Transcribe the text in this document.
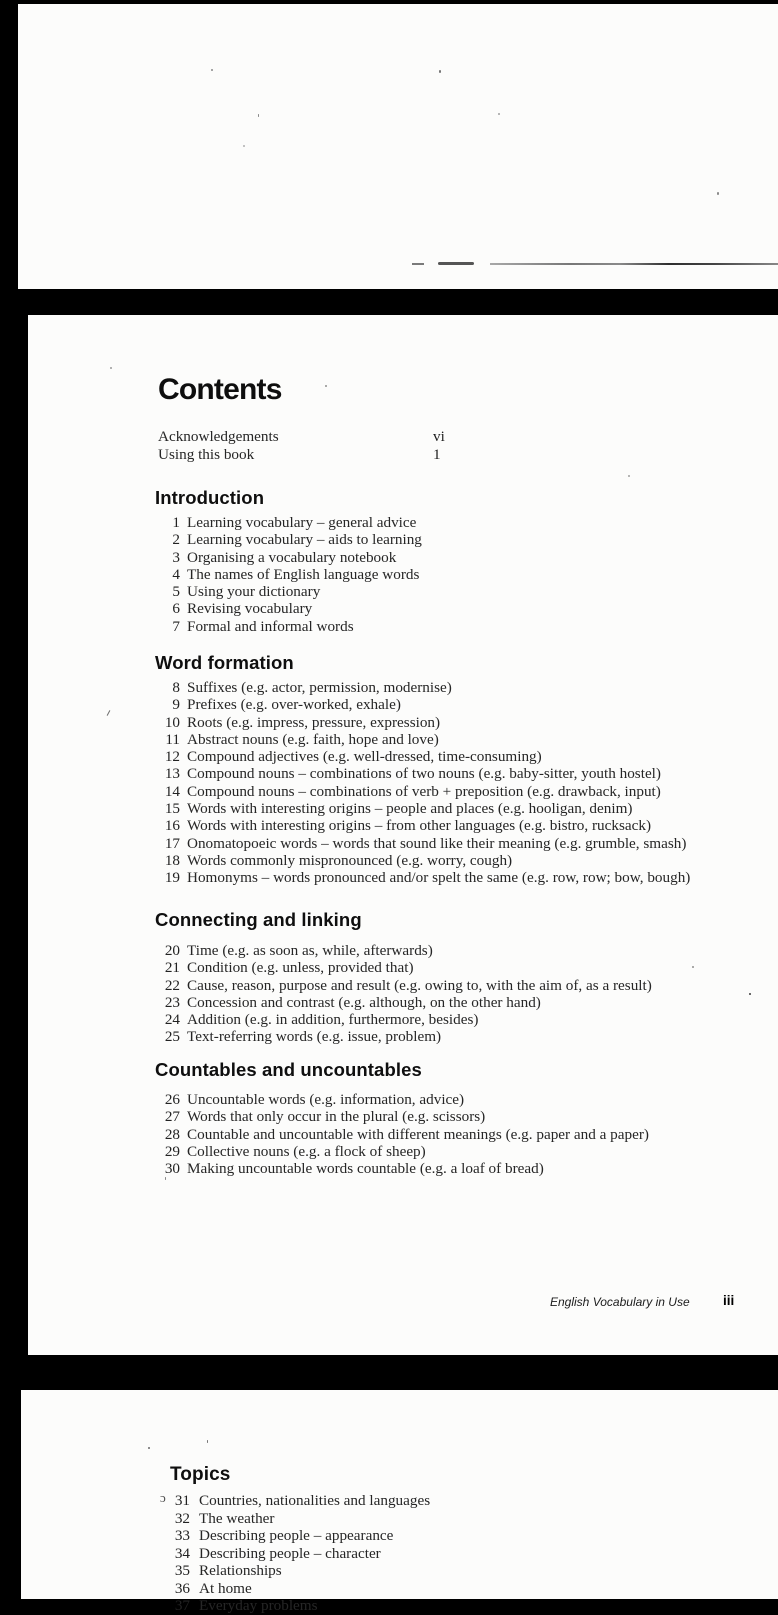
Contents
Acknowledgements	vi
Using this book	1
Introduction
1 Learning vocabulary – general advice
2 Learning vocabulary – aids to learning
3 Organising a vocabulary notebook
4 The names of English language words
5 Using your dictionary
6 Revising vocabulary
7 Formal and informal words
Word formation
8 Suffixes (e.g. actor, permission, modernise)
9 Prefixes (e.g. over-worked, exhale)
10 Roots (e.g. impress, pressure, expression)
11 Abstract nouns (e.g. faith, hope and love)
12 Compound adjectives (e.g. well-dressed, time-consuming)
13 Compound nouns – combinations of two nouns (e.g. baby-sitter, youth hostel)
14 Compound nouns – combinations of verb + preposition (e.g. drawback, input)
15 Words with interesting origins – people and places (e.g. hooligan, denim)
16 Words with interesting origins – from other languages (e.g. bistro, rucksack)
17 Onomatopoeic words – words that sound like their meaning (e.g. grumble, smash)
18 Words commonly mispronounced (e.g. worry, cough)
19 Homonyms – words pronounced and/or spelt the same (e.g. row, row; bow, bough)
Connecting and linking
20 Time (e.g. as soon as, while, afterwards)
21 Condition (e.g. unless, provided that)
22 Cause, reason, purpose and result (e.g. owing to, with the aim of, as a result)
23 Concession and contrast (e.g. although, on the other hand)
24 Addition (e.g. in addition, furthermore, besides)
25 Text-referring words (e.g. issue, problem)
Countables and uncountables
26 Uncountable words (e.g. information, advice)
27 Words that only occur in the plural (e.g. scissors)
28 Countable and uncountable with different meanings (e.g. paper and a paper)
29 Collective nouns (e.g. a flock of sheep)
30 Making uncountable words countable (e.g. a loaf of bread)
English Vocabulary in Use iii
Topics
31 Countries, nationalities and languages
32 The weather
33 Describing people – appearance
34 Describing people – character
35 Relationships
36 At home
37 Everyday problems
ɔ
